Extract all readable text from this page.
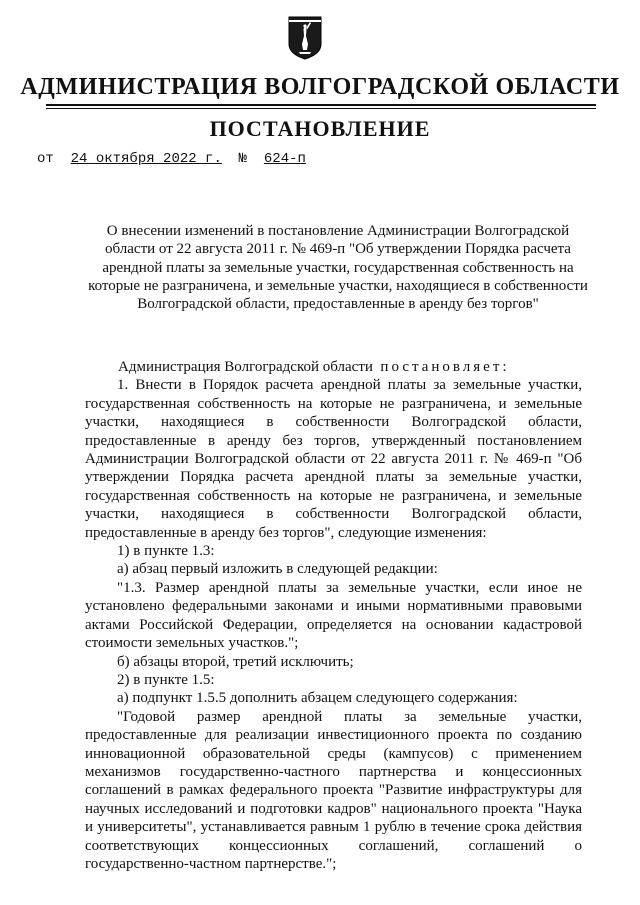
АДМИНИСТРАЦИЯ ВОЛГОГРАДСКОЙ ОБЛАСТИ
ПОСТАНОВЛЕНИЕ
от 24 октября 2022 г. № 624-п
О внесении изменений в постановление Администрации Волгоградской области от 22 августа 2011 г. № 469-п "Об утверждении Порядка расчета арендной платы за земельные участки, государственная собственность на которые не разграничена, и земельные участки, находящиеся в собственности Волгоградской области, предоставленные в аренду без торгов"

Администрация Волгоградской области постановляет:

1. Внести в Порядок расчета арендной платы за земельные участки, государственная собственность на которые не разграничена, и земельные участки, находящиеся в собственности Волгоградской области, предоставленные в аренду без торгов, утвержденный постановлением Администрации Волгоградской области от 22 августа 2011 г. № 469-п "Об утверждении Порядка расчета арендной платы за земельные участки, государственная собственность на которые не разграничена, и земельные участки, находящиеся в собственности Волгоградской области, предоставленные в аренду без торгов", следующие изменения:

1) в пункте 1.3:

а) абзац первый изложить в следующей редакции:

"1.3. Размер арендной платы за земельные участки, если иное не установлено федеральными законами и иными нормативными правовыми актами Российской Федерации, определяется на основании кадастровой стоимости земельных участков.";

б) абзацы второй, третий исключить;

2) в пункте 1.5:

а) подпункт 1.5.5 дополнить абзацем следующего содержания:

"Годовой размер арендной платы за земельные участки, предоставленные для реализации инвестиционного проекта по созданию инновационной образовательной среды (кампусов) с применением механизмов государственно-частного партнерства и концессионных соглашений в рамках федерального проекта "Развитие инфраструктуры для научных исследований и подготовки кадров" национального проекта "Наука и университеты", устанавливается равным 1 рублю в течение срока действия соответствующих концессионных соглашений, соглашений о государственно-частном партнерстве.";
